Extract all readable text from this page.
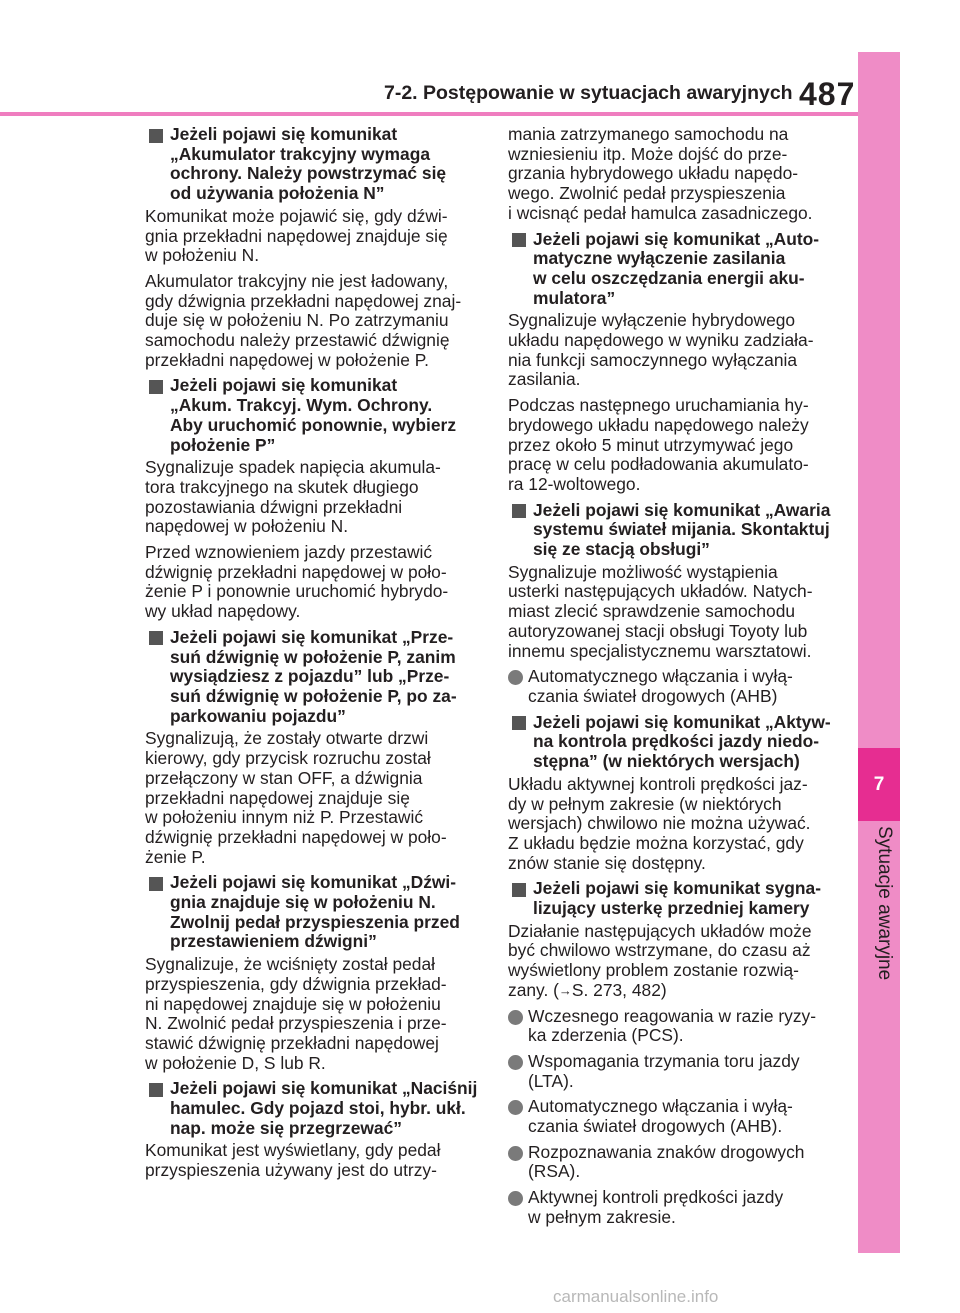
7-2. Postępowanie w sytuacjach awaryjnych 487
7
Sytuacje awaryjne
Jeżeli pojawi się komunikat
„Akumulator trakcyjny wymaga
ochrony. Należy powstrzymać się
od używania położenia N”
Komunikat może pojawić się, gdy dźwi-
gnia przekładni napędowej znajduje się
w położeniu N.
Akumulator trakcyjny nie jest ładowany,
gdy dźwignia przekładni napędowej znaj-
duje się w położeniu N. Po zatrzymaniu
samochodu należy przestawić dźwignię
przekładni napędowej w położenie P.
Jeżeli pojawi się komunikat
„Akum. Trakcyj. Wym. Ochrony.
Aby uruchomić ponownie, wybierz
położenie P”
Sygnalizuje spadek napięcia akumula-
tora trakcyjnego na skutek długiego
pozostawiania dźwigni przekładni
napędowej w położeniu N.
Przed wznowieniem jazdy przestawić
dźwignię przekładni napędowej w poło-
żenie P i ponownie uruchomić hybrydo-
wy układ napędowy.
Jeżeli pojawi się komunikat „Prze-
suń dźwignię w położenie P, zanim
wysiądziesz z pojazdu” lub „Prze-
suń dźwignię w położenie P, po za-
parkowaniu pojazdu”
Sygnalizują, że zostały otwarte drzwi
kierowy, gdy przycisk rozruchu został
przełączony w stan OFF, a dźwignia
przekładni napędowej znajduje się
w położeniu innym niż P. Przestawić
dźwignię przekładni napędowej w poło-
żenie P.
Jeżeli pojawi się komunikat „Dźwi-
gnia znajduje się w położeniu N.
Zwolnij pedał przyspieszenia przed
przestawieniem dźwigni”
Sygnalizuje, że wciśnięty został pedał
przyspieszenia, gdy dźwignia przekład-
ni napędowej znajduje się w położeniu
N. Zwolnić pedał przyspieszenia i prze-
stawić dźwignię przekładni napędowej
w położenie D, S lub R.
Jeżeli pojawi się komunikat „Naciśnij
hamulec. Gdy pojazd stoi, hybr. ukł.
nap. może się przegrzewać”
Komunikat jest wyświetlany, gdy pedał
przyspieszenia używany jest do utrzy-
mania zatrzymanego samochodu na
wzniesieniu itp. Może dojść do prze-
grzania hybrydowego układu napędo-
wego. Zwolnić pedał przyspieszenia
i wcisnąć pedał hamulca zasadniczego.
Jeżeli pojawi się komunikat „Auto-
matyczne wyłączenie zasilania
w celu oszczędzania energii aku-
mulatora”
Sygnalizuje wyłączenie hybrydowego
układu napędowego w wyniku zadziała-
nia funkcji samoczynnego wyłączania
zasilania.
Podczas następnego uruchamiania hy-
brydowego układu napędowego należy
przez około 5 minut utrzymywać jego
pracę w celu podładowania akumulato-
ra 12-woltowego.
Jeżeli pojawi się komunikat „Awaria
systemu świateł mijania. Skontaktuj
się ze stacją obsługi”
Sygnalizuje możliwość wystąpienia
usterki następujących układów. Natych-
miast zlecić sprawdzenie samochodu
autoryzowanej stacji obsługi Toyoty lub
innemu specjalistycznemu warsztatowi.
Automatycznego włączania i wyłą-
czania świateł drogowych (AHB)
Jeżeli pojawi się komunikat „Aktyw-
na kontrola prędkości jazdy niedo-
stępna” (w niektórych wersjach)
Układu aktywnej kontroli prędkości jaz-
dy w pełnym zakresie (w niektórych
wersjach) chwilowo nie można używać.
Z układu będzie można korzystać, gdy
znów stanie się dostępny.
Jeżeli pojawi się komunikat sygna-
lizujący usterkę przedniej kamery
Działanie następujących układów może
być chwilowo wstrzymane, do czasu aż
wyświetlony problem zostanie rozwią-
zany. (→S. 273, 482)
Wczesnego reagowania w razie ryzy-
ka zderzenia (PCS).
Wspomagania trzymania toru jazdy
(LTA).
Automatycznego włączania i wyłą-
czania świateł drogowych (AHB).
Rozpoznawania znaków drogowych
(RSA).
Aktywnej kontroli prędkości jazdy
w pełnym zakresie.
carmanualsonline.info
